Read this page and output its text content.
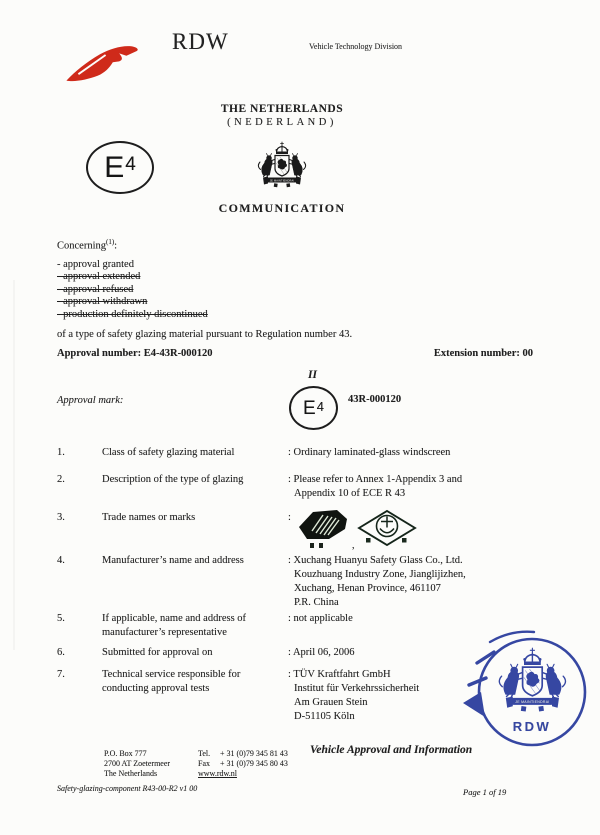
RDW	Vehicle Technology Division
THE NETHERLANDS
(NEDERLAND)
COMMUNICATION
E 4
Concerning$^{(1)}$:
- approval granted
- approval extended
- approval refused
- approval withdrawn
- production definitely discontinued
of a type of safety glazing material pursuant to Regulation number 43.
Approval number: E4-43R-000120	Extension number: 00
Approval mark:
II
E 4 43R-000120
1.	Class of safety glazing material	: Ordinary laminated-glass windscreen
2.	Description of the type of glazing	: Please refer to Annex 1-Appendix 3 and
Appendix 10 of ECE R 43
3.	Trade names or marks	:
,
4.	Manufacturer’s name and address	: Xuchang Huanyu Safety Glass Co., Ltd.
Kouzhuang Industry Zone, Jianglijizhen,
Xuchang, Henan Province, 461107
P.R. China
5.	If applicable, name and address of
manufacturer’s representative
: not applicable
6.	Submitted for approval on	: April 06, 2006
7.	Technical service responsible for
conducting approval tests
: TÜV Kraftfahrt GmbH
Institut für Verkehrssicherheit
Am Grauen Stein
D-51105 Köln
RDW
P.O. Box 777
2700 AT Zoetermeer
The Netherlands
Tel. + 31 (0)79 345 81 43
Fax + 31 (0)79 345 80 43
www.rdw.nl
Vehicle Approval and Information
Safety-glazing-component R43-00-R2 v1 00	Page 1 of 19
